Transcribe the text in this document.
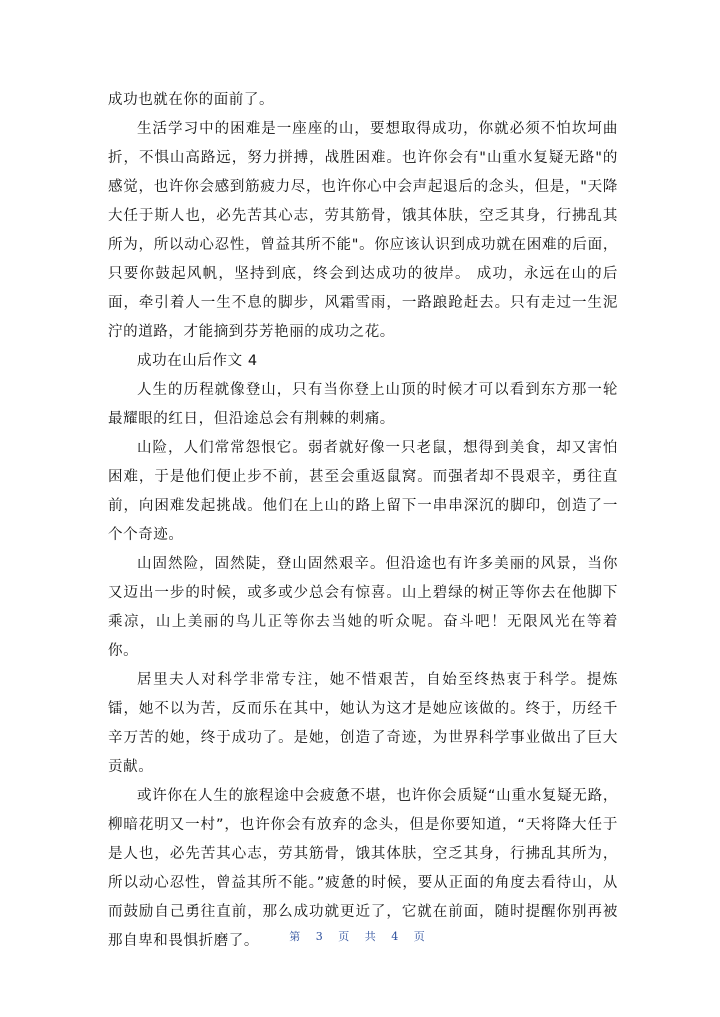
成功也就在你的面前了。

生活学习中的困难是一座座的山，要想取得成功，你就必须不怕坎坷曲折，不惧山高路远，努力拼搏，战胜困难。也许你会有"山重水复疑无路"的感觉，也许你会感到筋疲力尽，也许你心中会声起退后的念头，但是，"天降大任于斯人也，必先苦其心志，劳其筋骨，饿其体肤，空乏其身，行拂乱其所为，所以动心忍性，曾益其所不能"。你应该认识到成功就在困难的后面，只要你鼓起风帆，坚持到底，终会到达成功的彼岸。 成功，永远在山的后面，牵引着人一生不息的脚步，风霜雪雨，一路踉跄赶去。只有走过一生泥泞的道路，才能摘到芬芳艳丽的成功之花。

成功在山后作文 4

人生的历程就像登山，只有当你登上山顶的时候才可以看到东方那一轮最耀眼的红日，但沿途总会有荆棘的刺痛。

山险，人们常常怨恨它。弱者就好像一只老鼠，想得到美食，却又害怕困难，于是他们便止步不前，甚至会重返鼠窝。而强者却不畏艰辛，勇往直前，向困难发起挑战。他们在上山的路上留下一串串深沉的脚印，创造了一个个奇迹。

山固然险，固然陡，登山固然艰辛。但沿途也有许多美丽的风景，当你又迈出一步的时候，或多或少总会有惊喜。山上碧绿的树正等你去在他脚下乘凉，山上美丽的鸟儿正等你去当她的听众呢。奋斗吧！无限风光在等着你。

居里夫人对科学非常专注，她不惜艰苦，自始至终热衷于科学。提炼镭，她不以为苦，反而乐在其中，她认为这才是她应该做的。终于，历经千辛万苦的她，终于成功了。是她，创造了奇迹，为世界科学事业做出了巨大贡献。

或许你在人生的旅程途中会疲惫不堪，也许你会质疑“山重水复疑无路，柳暗花明又一村”，也许你会有放弃的念头，但是你要知道，“天将降大任于是人也，必先苦其心志，劳其筋骨，饿其体肤，空乏其身，行拂乱其所为，所以动心忍性，曾益其所不能。”疲惫的时候，要从正面的角度去看待山，从而鼓励自己勇往直前，那么成功就更近了，它就在前面，随时提醒你别再被那自卑和畏惧折磨了。	第 3 页 共 4 页
